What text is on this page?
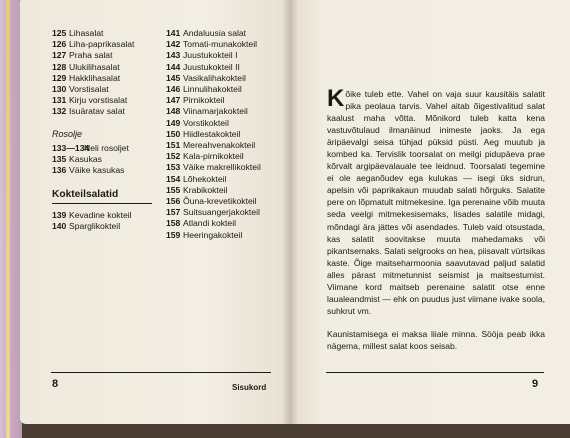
125 Lihasalat
126 Liha-paprikasalat
127 Praha salat
128 Ulukilihasalat
129 Hakklihasalat
130 Vorstisalat
131 Kirju vorstisalat
132 Isuäratav salat
Rosolje
133—134Neli rosoljet
135 Kasukas
136 Väike kasukas
Kokteilsalatid
139 Kevadine kokteil
140 Sparglikokteil
141 Andaluusia salat
142 Tomati-munakokteil
143 Juustukokteil I
144 Juustukokteil II
145 Vasikalihakokteil
146 Linnulihakokteil
147 Pirnikokteil
148 Viinamarjakokteil
149 Vorstikokteil
150 Hiidlestakokteil
151 Mereahvenakokteil
152 Kala-pirnikokteil
153 Väike makrellikokteil
154 Lõhekokteil
155 Krabikokteil
156 Õuna-krevetikokteil
157 Suitsuangerjakokteil
158 Atlandi kokteil
159 Heeringakokteil
8	Sisukord

Kõike tuleb ette. Vahel on vaja suur kausitäis salatit pika peolaua tarvis. Vahel aitab õigestivalitud salat kaalust maha võtta. Mõnikord tuleb katta kena vastuvõtulaud ilmanäinud inimeste jaoks. Ja ega äripäevalgi seisa tühjad püksid püsti. Aeg muutub ja kombed ka. Tervislik toorsalat on meilgi pidupäeva prae kõrvalt argipäevalauale tee leidnud. Toorsalati tegemine ei ole aeganõudev ega kulukas — isegi üks sidrun, apelsin või paprikakaun muudab salati hõrguks. Salatite pere on lõpmatult mitmekesine. Iga perenaine võib muuta seda veelgi mitmekesisemaks, lisades salatile midagi, mõndagi ära jättes või asendades. Tuleb vaid otsustada, kas salatit soovitakse muuta mahedamaks või pikantsemaks. Salati selgrooks on hea, piisavalt vürtsikas kaste. Õige maitseharmoonia saavutavad paljud salatid alles pärast mitmetunnist seismist ja maitsestumist. Viimane kord maitseb perenaine salatit otse enne laualeandmist — ehk on puudus just viimane ivake soola, suhkrut vm.

Kaunistamisega ei maksa liiale minna. Sööja peab ikka nägema, millest salat koos seisab.

9
